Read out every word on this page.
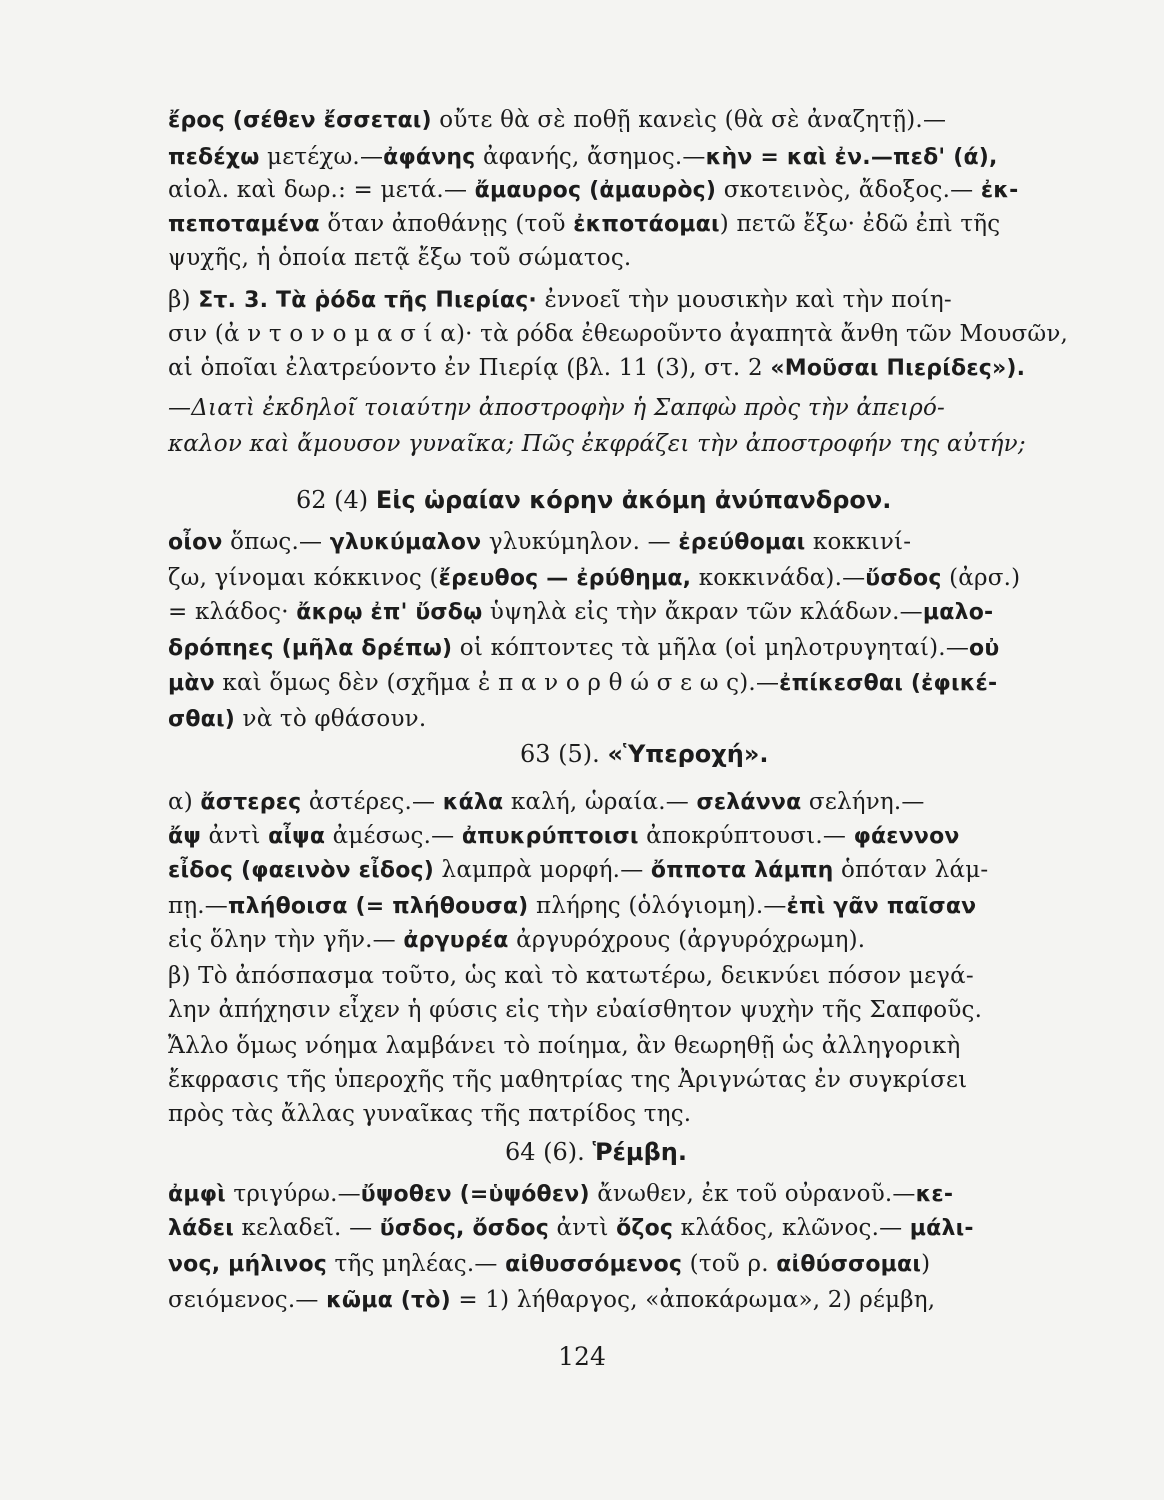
ἔρος (σέθεν ἔσσεται) οὔτε θὰ σὲ ποθῇ κανεὶς (θὰ σὲ ἀναζητῇ).—
πεδέχω μετέχω.—ἀφάνης ἀφανής, ἄσημος.—κὴν = καὶ ἐν.—πεδ' (ά),
αἰολ. καὶ δωρ.: = μετά.— ἄμαυρος (ἀμαυρὸς) σκοτεινὸς, ἄδοξος.— ἐκ-
πεποταμένα ὅταν ἀποθάνῃς (τοῦ ἐκποτάομαι) πετῶ ἔξω· ἐδῶ ἐπὶ τῆς
ψυχῆς, ἡ ὁποία πετᾷ ἔξω τοῦ σώματος.
β) Στ. 3. Τὰ ῥόδα τῆς Πιερίας· ἐννοεῖ τὴν μουσικὴν καὶ τὴν ποίη-
σιν (ἀ ν τ ο ν ο μ α σ ί α)· τὰ ρόδα ἐθεωροῦντο ἀγαπητὰ ἄνθη τῶν Μουσῶν,
αἱ ὁποῖαι ἐλατρεύοντο ἐν Πιερίᾳ (βλ. 11 (3), στ. 2 «Μοῦσαι Πιερίδες»).
—Διατὶ ἐκδηλοῖ τοιαύτην ἀποστροφὴν ἡ Σαπφὼ πρὸς τὴν ἀπειρό-
καλον καὶ ἄμουσον γυναῖκα; Πῶς ἐκφράζει τὴν ἀποστροφήν της αὐτήν;
οἶον ὅπως.— γλυκύμαλον γλυκύμηλον. — ἐρεύθομαι κοκκινί-
ζω, γίνομαι κόκκινος (ἔρευθος — ἐρύθημα, κοκκινάδα).—ὔσδος (ἀρσ.)
= κλάδος· ἄκρῳ ἐπ' ὔσδῳ ὑψηλὰ εἰς τὴν ἄκραν τῶν κλάδων.—μαλο-
δρόπηες (μῆλα δρέπω) οἱ κόπτοντες τὰ μῆλα (οἱ μηλοτρυγηταί).—οὐ
μὰν καὶ ὅμως δὲν (σχῆμα ἐ π α ν ο ρ θ ώ σ ε ω ς).—ἐπίκεσθαι (ἐφικέ-
σθαι) νὰ τὸ φθάσουν.
α) ἄστερες ἀστέρες.— κάλα καλή, ὡραία.— σελάννα σελήνη.—
ἄψ ἀντὶ αἶψα ἀμέσως.— ἀπυκρύπτοισι ἀποκρύπτουσι.— φάεννον
εἶδος (φαεινὸν εἶδος) λαμπρὰ μορφή.— ὄπποτα λάμπη ὁπόταν λάμ-
πῃ.—πλήθοισα (= πλήθουσα) πλήρης (ὁλόγιομη).—ἐπὶ γᾶν παῖσαν
εἰς ὅλην τὴν γῆν.— ἀργυρέα ἀργυρόχρους (ἀργυρόχρωμη).
β) Τὸ ἀπόσπασμα τοῦτο, ὡς καὶ τὸ κατωτέρω, δεικνύει πόσον μεγά-
λην ἀπήχησιν εἶχεν ἡ φύσις εἰς τὴν εὐαίσθητον ψυχὴν τῆς Σαπφοῦς.
Ἄλλο ὅμως νόημα λαμβάνει τὸ ποίημα, ἂν θεωρηθῇ ὡς ἀλληγορικὴ
ἔκφρασις τῆς ὑπεροχῆς τῆς μαθητρίας της Ἀριγνώτας ἐν συγκρίσει
πρὸς τὰς ἄλλας γυναῖκας τῆς πατρίδος της.
ἀμφὶ τριγύρω.—ὔψοθεν (=ὑψόθεν) ἄνωθεν, ἐκ τοῦ οὐρανοῦ.—κε-
λάδει κελαδεῖ. — ὔσδος, ὄσδος ἀντὶ ὄζος κλάδος, κλῶνος.— μάλι-
νος, μήλινος τῆς μηλέας.— αἰθυσσόμενος (τοῦ ρ. αἰθύσσομαι)
σειόμενος.— κῶμα (τὸ) = 1) λήθαργος, «ἀποκάρωμα», 2) ρέμβη,
62 (4) Εἰς ὡραίαν κόρην ἀκόμη ἀνύπανδρον.
63 (5). «Ὑπεροχή».
64 (6). Ῥέμβη.
124
